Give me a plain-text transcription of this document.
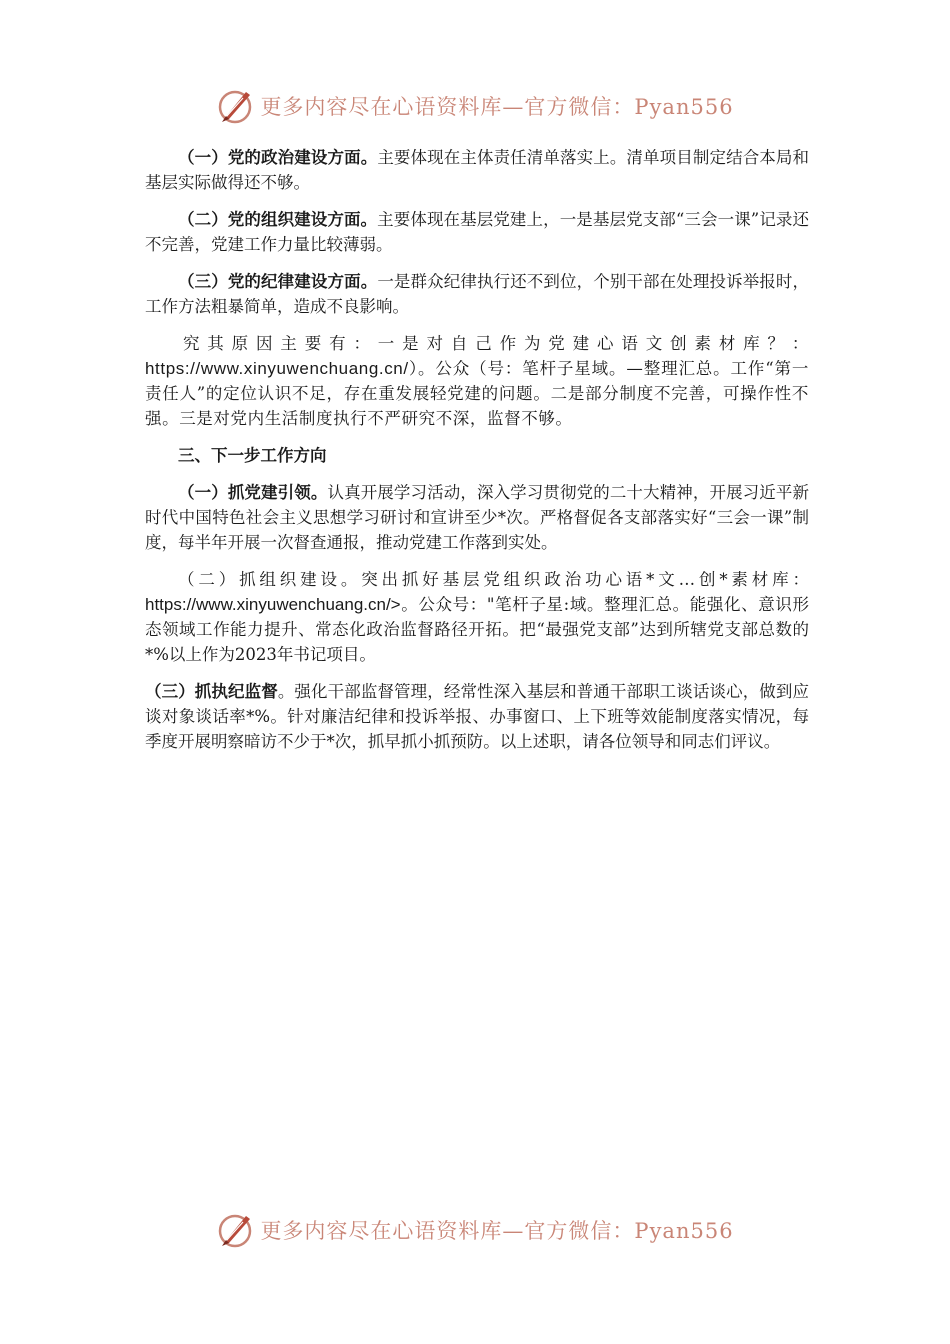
更多内容尽在心语资料库—官方微信：Pyan556

（一）党的政治建设方面。主要体现在主体责任清单落实上。清单项目制定结合本局和基层实际做得还不够。

（二）党的组织建设方面。主要体现在基层党建上，一是基层党支部“三会一课”记录还不完善，党建工作力量比较薄弱。

（三）党的纪律建设方面。一是群众纪律执行还不到位，个别干部在处理投诉举报时，工作方法粗暴简单，造成不良影响。

究其原因主要有：一是对自己作为党建心语文创素材库？：https://www.xinyuwenchuang.cn/）。公众（号：笔杆子星域。—整理汇总。工作“第一责任人”的定位认识不足，存在重发展轻党建的问题。二是部分制度不完善，可操作性不强。三是对党内生活制度执行不严研究不深，监督不够。

三、下一步工作方向

（一）抓党建引领。认真开展学习活动，深入学习贯彻党的二十大精神，开展习近平新时代中国特色社会主义思想学习研讨和宣讲至少*次。严格督促各支部落实好“三会一课”制度，每半年开展一次督查通报，推动党建工作落到实处。

（二）抓组织建设。突出抓好基层党组织政治功心语*文…创*素材库：https://www.xinyuwenchuang.cn/>。公众号："笔杆子星:域。整理汇总。能强化、意识形态领域工作能力提升、常态化政治监督路径开拓。把“最强党支部”达到所辖党支部总数的*%以上作为2023年书记项目。

（三）抓执纪监督。强化干部监督管理，经常性深入基层和普通干部职工谈话谈心，做到应谈对象谈话率*%。针对廉洁纪律和投诉举报、办事窗口、上下班等效能制度落实情况，每季度开展明察暗访不少于*次，抓早抓小抓预防。以上述职，请各位领导和同志们评议。

更多内容尽在心语资料库—官方微信：Pyan556
